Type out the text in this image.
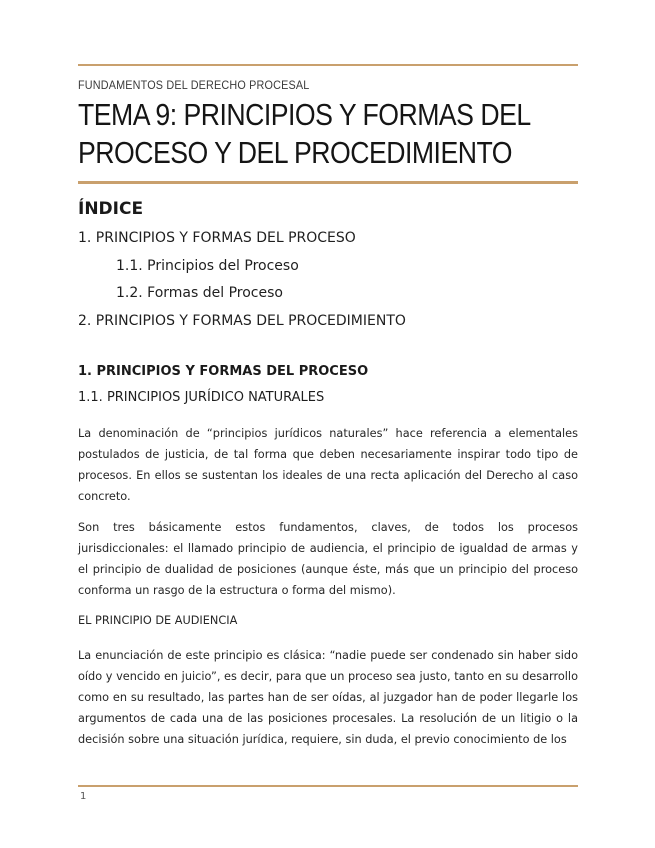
FUNDAMENTOS DEL DERECHO PROCESAL
TEMA 9: PRINCIPIOS Y FORMAS DEL PROCESO Y DEL PROCEDIMIENTO
ÍNDICE
1. PRINCIPIOS Y FORMAS DEL PROCESO
1.1. Principios del Proceso
1.2. Formas del Proceso
2. PRINCIPIOS Y FORMAS DEL PROCEDIMIENTO
1. PRINCIPIOS Y FORMAS DEL PROCESO
1.1. PRINCIPIOS JURÍDICO NATURALES

La denominación de “principios jurídicos naturales” hace referencia a elementales postulados de justicia, de tal forma que deben necesariamente inspirar todo tipo de procesos. En ellos se sustentan los ideales de una recta aplicación del Derecho al caso concreto.

Son tres básicamente estos fundamentos, claves, de todos los procesos jurisdiccionales: el llamado principio de audiencia, el principio de igualdad de armas y el principio de dualidad de posiciones (aunque éste, más que un principio del proceso conforma un rasgo de la estructura o forma del mismo).

EL PRINCIPIO DE AUDIENCIA

La enunciación de este principio es clásica: “nadie puede ser condenado sin haber sido oído y vencido en juicio”, es decir, para que un proceso sea justo, tanto en su desarrollo como en su resultado, las partes han de ser oídas, al juzgador han de poder llegarle los argumentos de cada una de las posiciones procesales. La resolución de un litigio o la decisión sobre una situación jurídica, requiere, sin duda, el previo conocimiento de los

1
